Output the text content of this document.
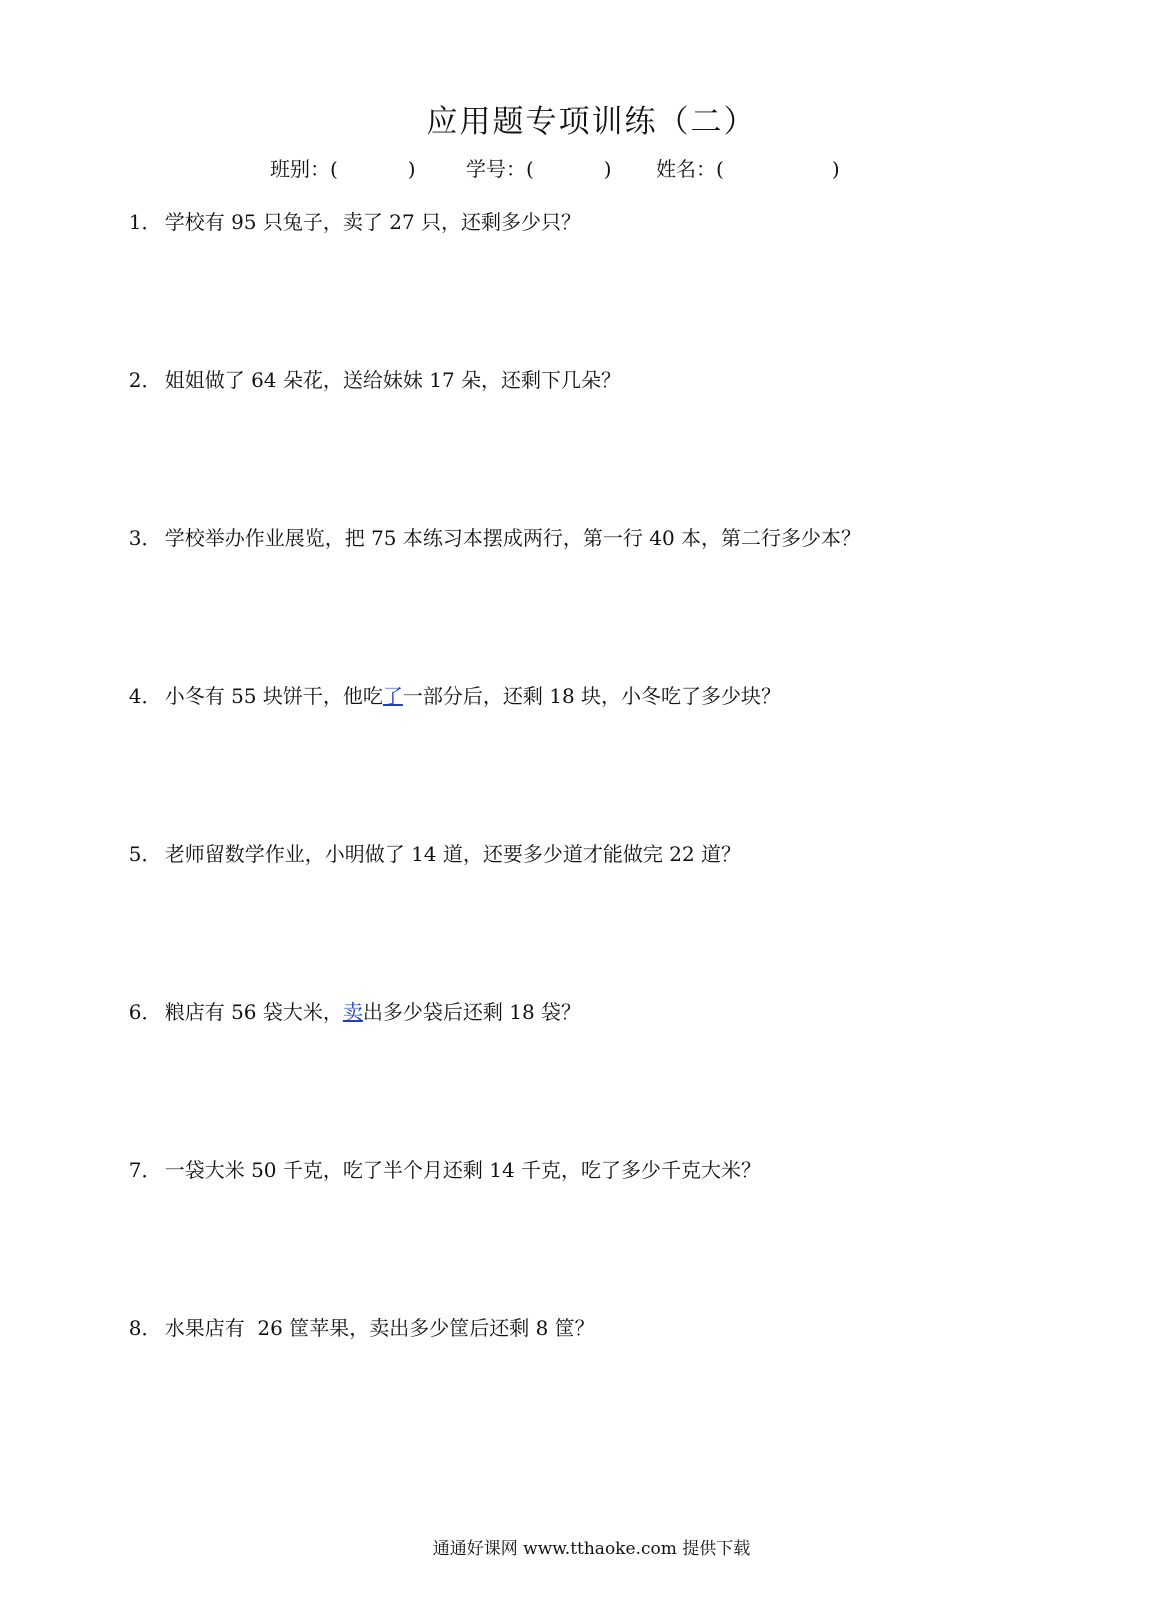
应用题专项训练（二）
班别：(           )	学号：(           ) 姓名：(                 )

1． 学校有 95 只兔子，卖了 27 只，还剩多少只？

2． 姐姐做了 64 朵花，送给妹妹 17 朵，还剩下几朵？

3． 学校举办作业展览，把 75 本练习本摆成两行，第一行 40 本，第二行多少本？

4． 小冬有 55 块饼干，他吃了一部分后，还剩 18 块，小冬吃了多少块？

5． 老师留数学作业，小明做了 14 道，还要多少道才能做完 22 道？

6． 粮店有 56 袋大米，卖出多少袋后还剩 18 袋？

7． 一袋大米 50 千克，吃了半个月还剩 14 千克，吃了多少千克大米？

8． 水果店有  26 筐苹果，卖出多少筐后还剩 8 筐？

通通好课网 www.tthaoke.com 提供下载
